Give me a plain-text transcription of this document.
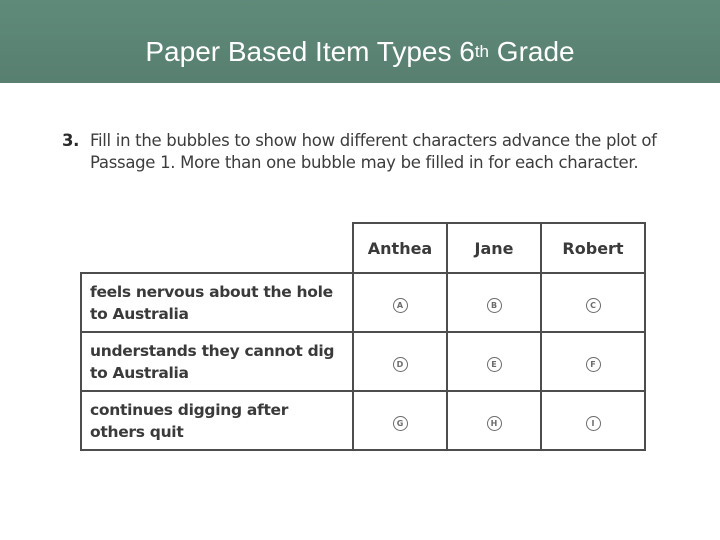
Paper Based Item Types 6th Grade
3. Fill in the bubbles to show how different characters advance the plot of
Passage 1. More than one bubble may be filled in for each character.
	Anthea	Jane	Robert

feels nervous about the hole
to Australia	A	B	C

understands they cannot dig
to Australia	D	E	F

continues digging after
others quit	G	H	I
